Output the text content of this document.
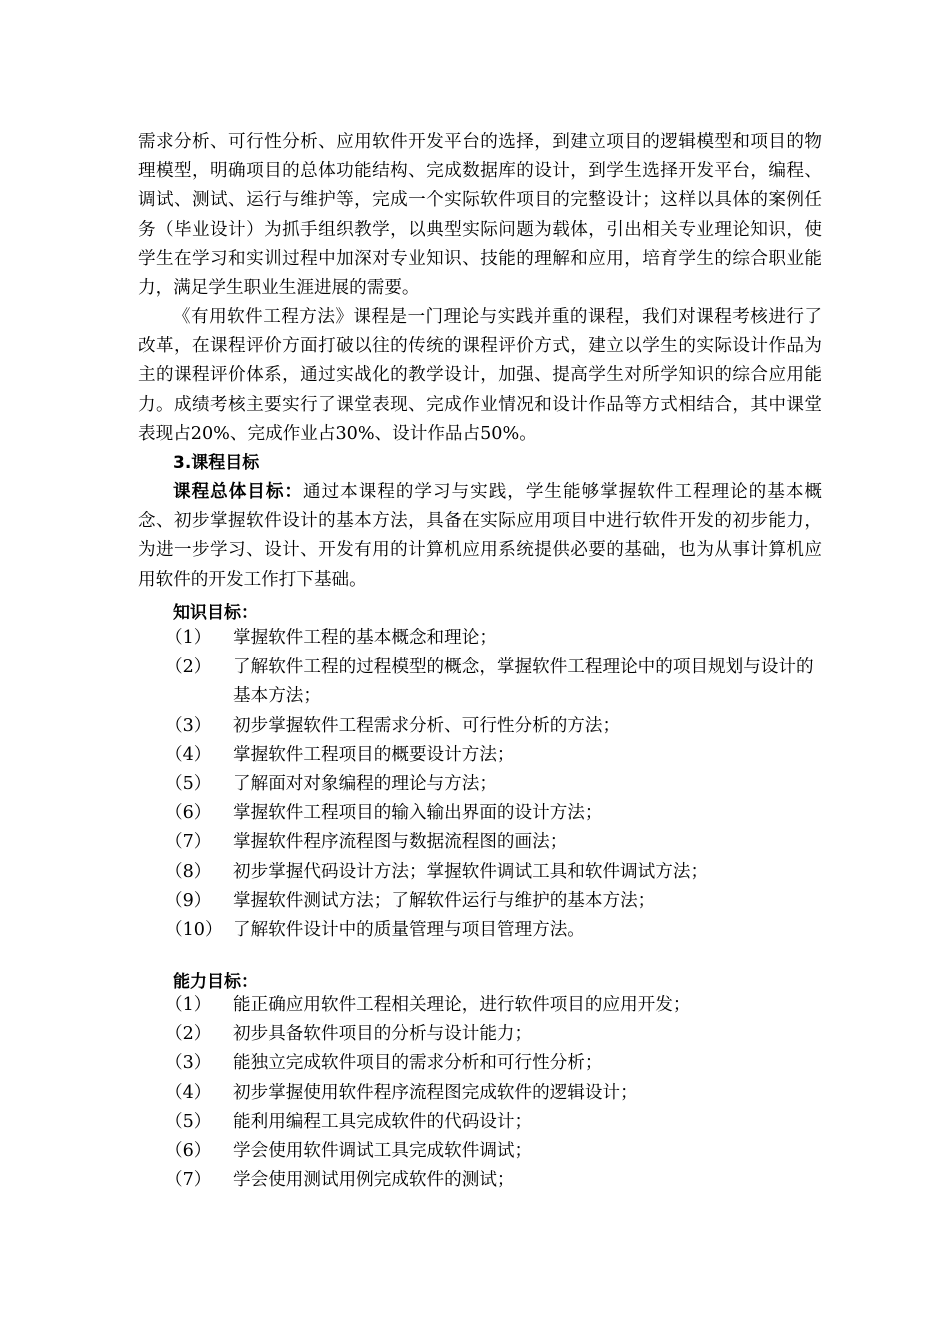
需求分析、可行性分析、应用软件开发平台的选择，到建立项目的逻辑模型和项目的物理模型，明确项目的总体功能结构、完成数据库的设计，到学生选择开发平台，编程、调试、测试、运行与维护等，完成一个实际软件项目的完整设计；这样以具体的案例任务（毕业设计）为抓手组织教学，以典型实际问题为载体，引出相关专业理论知识，使学生在学习和实训过程中加深对专业知识、技能的理解和应用，培育学生的综合职业能力，满足学生职业生涯进展的需要。

《有用软件工程方法》课程是一门理论与实践并重的课程，我们对课程考核进行了改革，在课程评价方面打破以往的传统的课程评价方式，建立以学生的实际设计作品为主的课程评价体系，通过实战化的教学设计，加强、提高学生对所学知识的综合应用能力。成绩考核主要实行了课堂表现、完成作业情况和设计作品等方式相结合，其中课堂表现占20%、完成作业占30%、设计作品占50%。

3.课程目标

课程总体目标：通过本课程的学习与实践，学生能够掌握软件工程理论的基本概念、初步掌握软件设计的基本方法，具备在实际应用项目中进行软件开发的初步能力，为进一步学习、设计、开发有用的计算机应用系统提供必要的基础，也为从事计算机应用软件的开发工作打下基础。

知识目标：

（1）	掌握软件工程的基本概念和理论；
（2）	了解软件工程的过程模型的概念，掌握软件工程理论中的项目规划与设计的基本方法；
（3）	初步掌握软件工程需求分析、可行性分析的方法；
（4）	掌握软件工程项目的概要设计方法；
（5）	了解面对对象编程的理论与方法；
（6）	掌握软件工程项目的输入输出界面的设计方法；
（7）	掌握软件程序流程图与数据流程图的画法；
（8）	初步掌握代码设计方法；掌握软件调试工具和软件调试方法；
（9）	掌握软件测试方法；了解软件运行与维护的基本方法；
（10） 了解软件设计中的质量管理与项目管理方法。

能力目标：

（1）	能正确应用软件工程相关理论，进行软件项目的应用开发；
（2）	初步具备软件项目的分析与设计能力；
（3）	能独立完成软件项目的需求分析和可行性分析；
（4）	初步掌握使用软件程序流程图完成软件的逻辑设计；
（5）	能利用编程工具完成软件的代码设计；
（6）	学会使用软件调试工具完成软件调试；
（7）	学会使用测试用例完成软件的测试；
